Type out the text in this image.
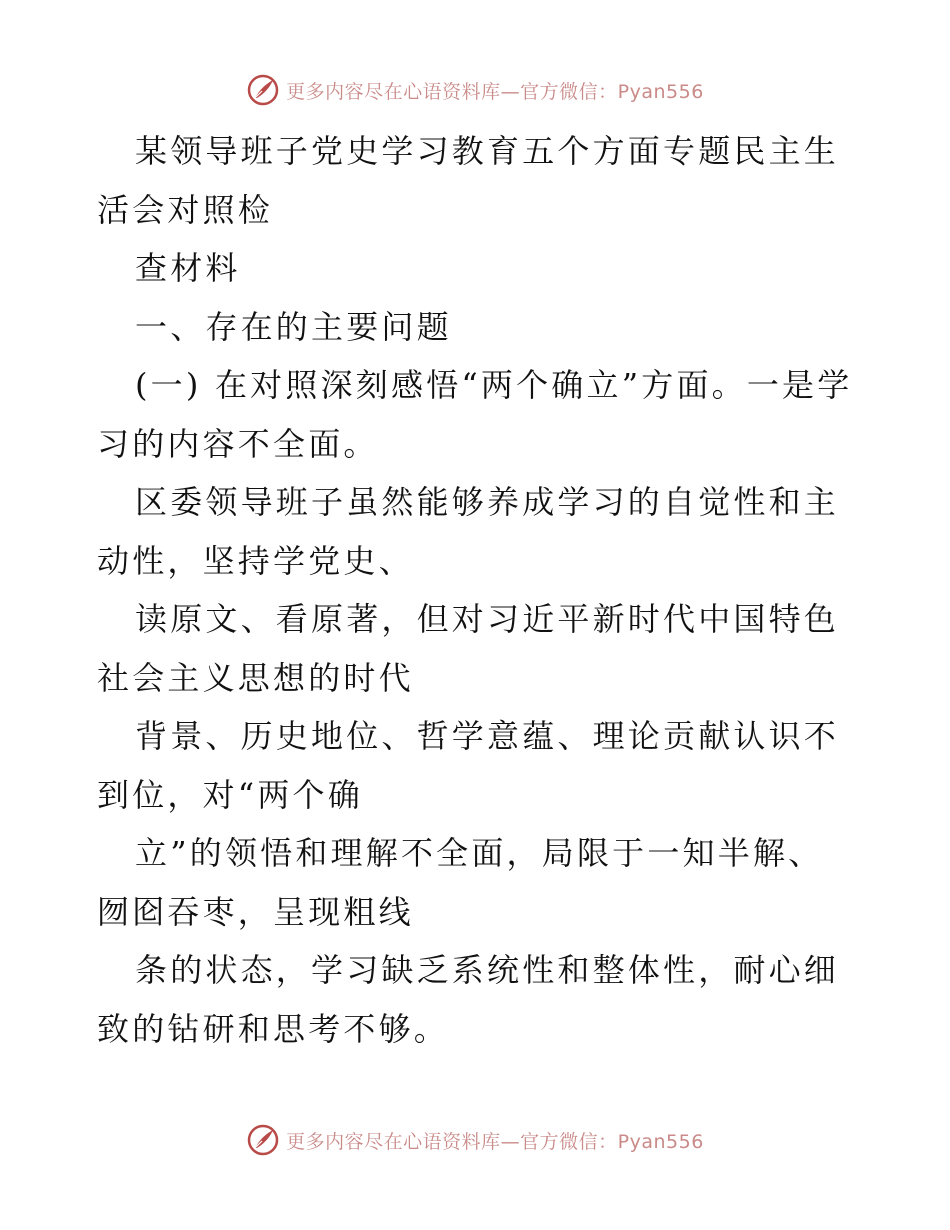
更多内容尽在心语资料库—官方微信：Pyan556

某领导班子党史学习教育五个方面专题民主生活会对照检

查材料

一、存在的主要问题

(一) 在对照深刻感悟“两个确立”方面。一是学习的内容不全面。

区委领导班子虽然能够养成学习的自觉性和主动性，坚持学党史、

读原文、看原著，但对习近平新时代中国特色社会主义思想的时代

背景、历史地位、哲学意蕴、理论贡献认识不到位，对“两个确

立”的领悟和理解不全面，局限于一知半解、囫囵吞枣，呈现粗线

条的状态，学习缺乏系统性和整体性，耐心细致的钻研和思考不够。

更多内容尽在心语资料库—官方微信：Pyan556
